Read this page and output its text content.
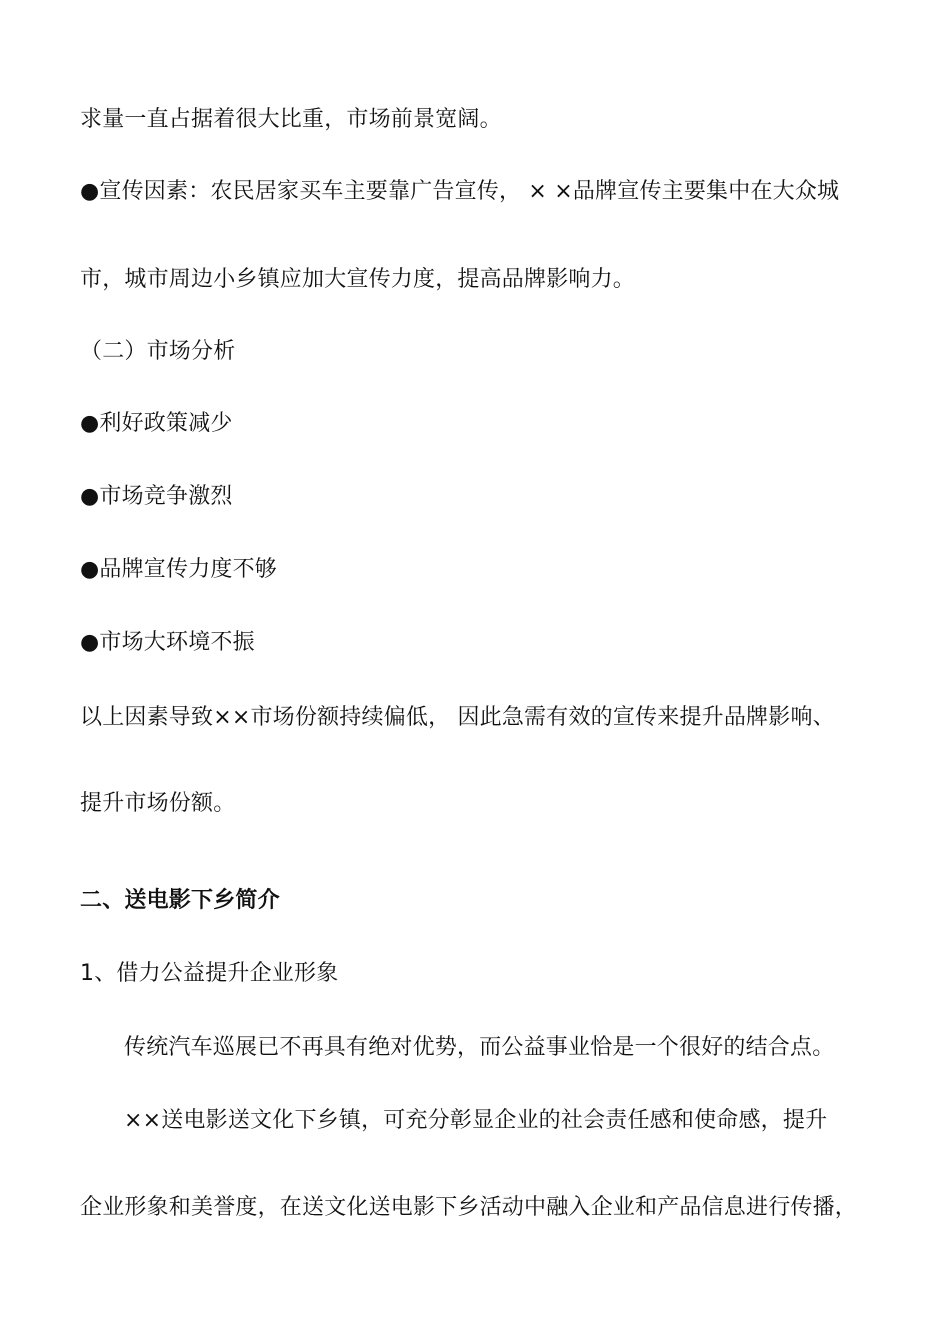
求量一直占据着很大比重，市场前景宽阔。
●宣传因素：农民居家买车主要靠广告宣传， × ×品牌宣传主要集中在大众城
市，城市周边小乡镇应加大宣传力度，提高品牌影响力。
（二）市场分析
●利好政策减少
●市场竞争激烈
●品牌宣传力度不够
●市场大环境不振
以上因素导致××市场份额持续偏低， 因此急需有效的宣传来提升品牌影响、
提升市场份额。
二、送电影下乡简介
1、借力公益提升企业形象
传统汽车巡展已不再具有绝对优势，而公益事业恰是一个很好的结合点。
××送电影送文化下乡镇，可充分彰显企业的社会责任感和使命感，提升
企业形象和美誉度，在送文化送电影下乡活动中融入企业和产品信息进行传播，
